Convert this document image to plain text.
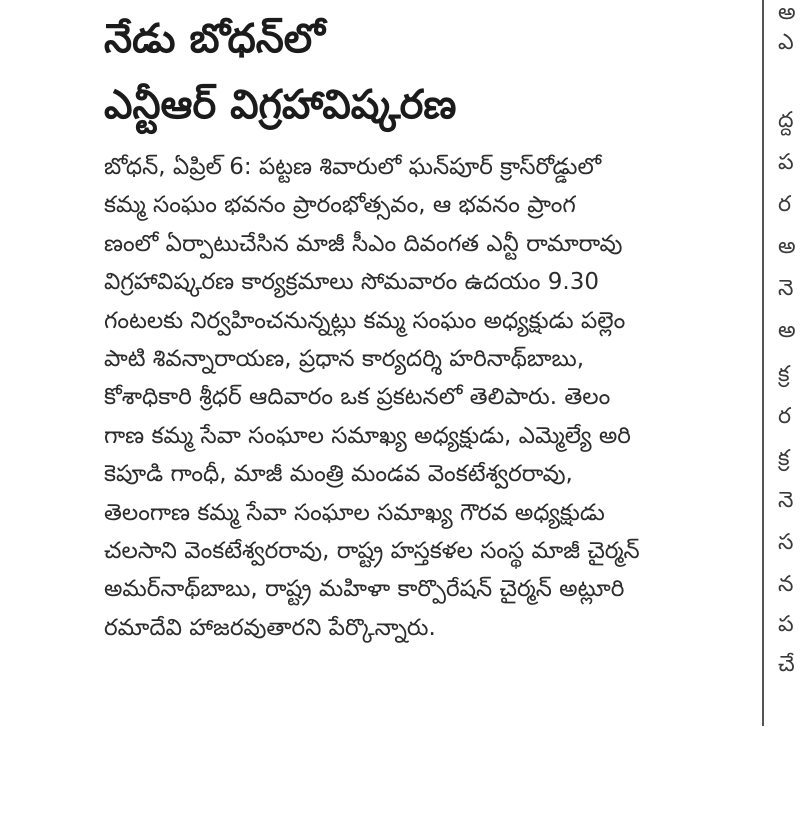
నేడు బోధన్‌లో
ఎన్టీఆర్‌ విగ్రహావిష్కరణ
బోధన్‌, ఏప్రిల్‌ 6: పట్టణ శివారులో ఘన్‌పూర్‌ క్రాస్‌రోడ్డులో
కమ్మ సంఘం భవనం ప్రారంభోత్సవం, ఆ భవనం ప్రాంగ
ణంలో ఏర్పాటుచేసిన మాజీ సీఎం దివంగత ఎన్టీ రామారావు
విగ్రహావిష్కరణ కార్యక్రమాలు సోమవారం ఉదయం 9.30
గంటలకు నిర్వహించనున్నట్లు కమ్మ సంఘం అధ్యక్షుడు పల్లెం
పాటి శివన్నారాయణ, ప్రధాన కార్యదర్శి హరినాథ్‌బాబు,
కోశాధికారి శ్రీధర్‌ ఆదివారం ఒక ప్రకటనలో తెలిపారు. తెలం
గాణ కమ్మ సేవా సంఘాల సమాఖ్య అధ్యక్షుడు, ఎమ్మెల్యే అరి
కెపూడి గాంధీ, మాజీ మంత్రి మండవ వెంకటేశ్వరరావు,
తెలంగాణ కమ్మ సేవా సంఘాల సమాఖ్య గౌరవ అధ్యక్షుడు
చలసాని వెంకటేశ్వరరావు, రాష్ట్ర హస్తకళల సంస్థ మాజీ చైర్మన్‌
అమర్‌నాథ్‌బాబు, రాష్ట్ర మహిళా కార్పొరేషన్‌ చైర్మన్‌ అట్లూరి
రమాదేవి హాజరవుతారని పేర్కొన్నారు.
అ
ఎ
ద్ద
ప
ర
అ
నె
అ
క్ర
ర
క్ర
నె
స
న
ప
చే
